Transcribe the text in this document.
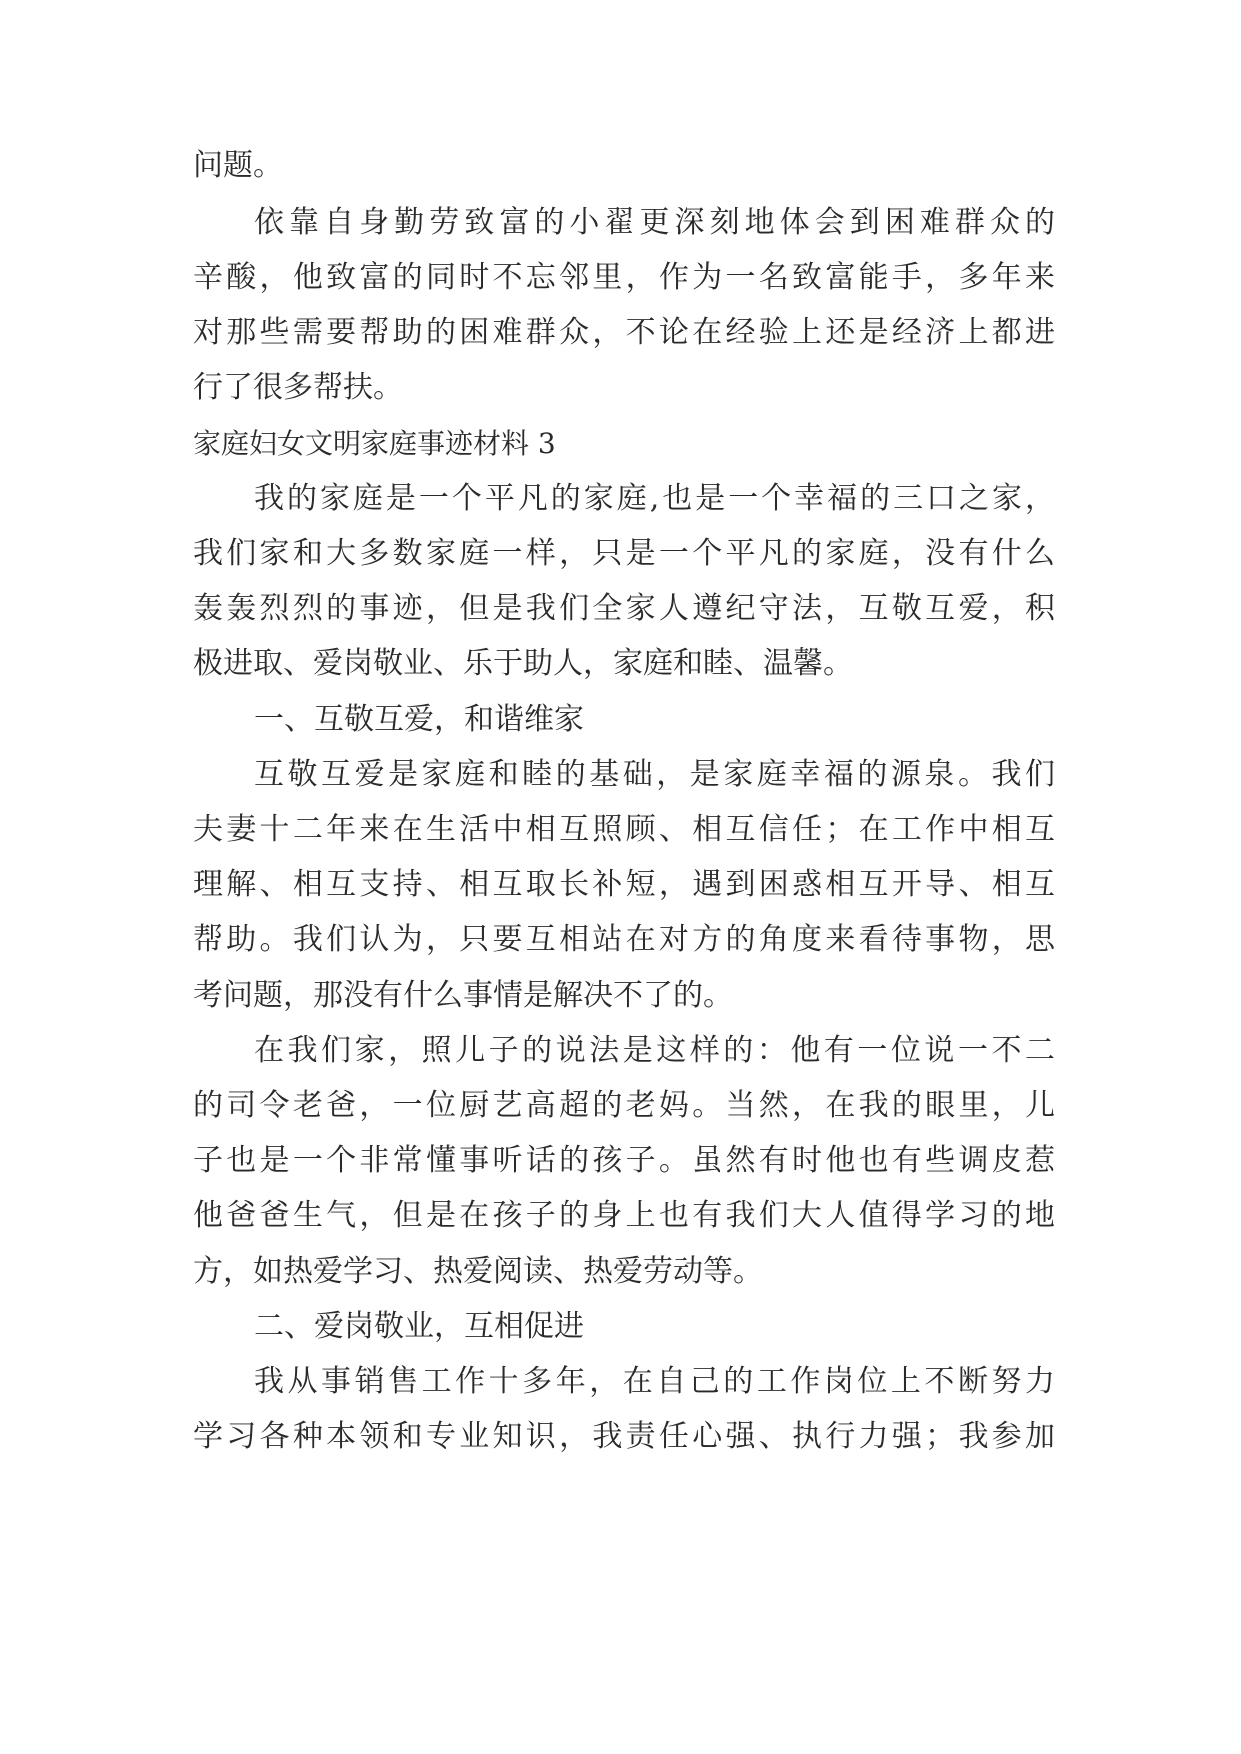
问题。
依靠自身勤劳致富的小翟更深刻地体会到困难群众的
辛酸，他致富的同时不忘邻里，作为一名致富能手，多年来
对那些需要帮助的困难群众，不论在经验上还是经济上都进
行了很多帮扶。
家庭妇女文明家庭事迹材料 3
我的家庭是一个平凡的家庭,也是一个幸福的三口之家，
我们家和大多数家庭一样，只是一个平凡的家庭，没有什么
轰轰烈烈的事迹，但是我们全家人遵纪守法，互敬互爱，积
极进取、爱岗敬业、乐于助人，家庭和睦、温馨。
一、互敬互爱，和谐维家
互敬互爱是家庭和睦的基础，是家庭幸福的源泉。我们
夫妻十二年来在生活中相互照顾、相互信任；在工作中相互
理解、相互支持、相互取长补短，遇到困惑相互开导、相互
帮助。我们认为，只要互相站在对方的角度来看待事物，思
考问题，那没有什么事情是解决不了的。
在我们家，照儿子的说法是这样的：他有一位说一不二
的司令老爸，一位厨艺高超的老妈。当然，在我的眼里，儿
子也是一个非常懂事听话的孩子。虽然有时他也有些调皮惹
他爸爸生气，但是在孩子的身上也有我们大人值得学习的地
方，如热爱学习、热爱阅读、热爱劳动等。
二、爱岗敬业，互相促进
我从事销售工作十多年，在自己的工作岗位上不断努力
学习各种本领和专业知识，我责任心强、执行力强；我参加
